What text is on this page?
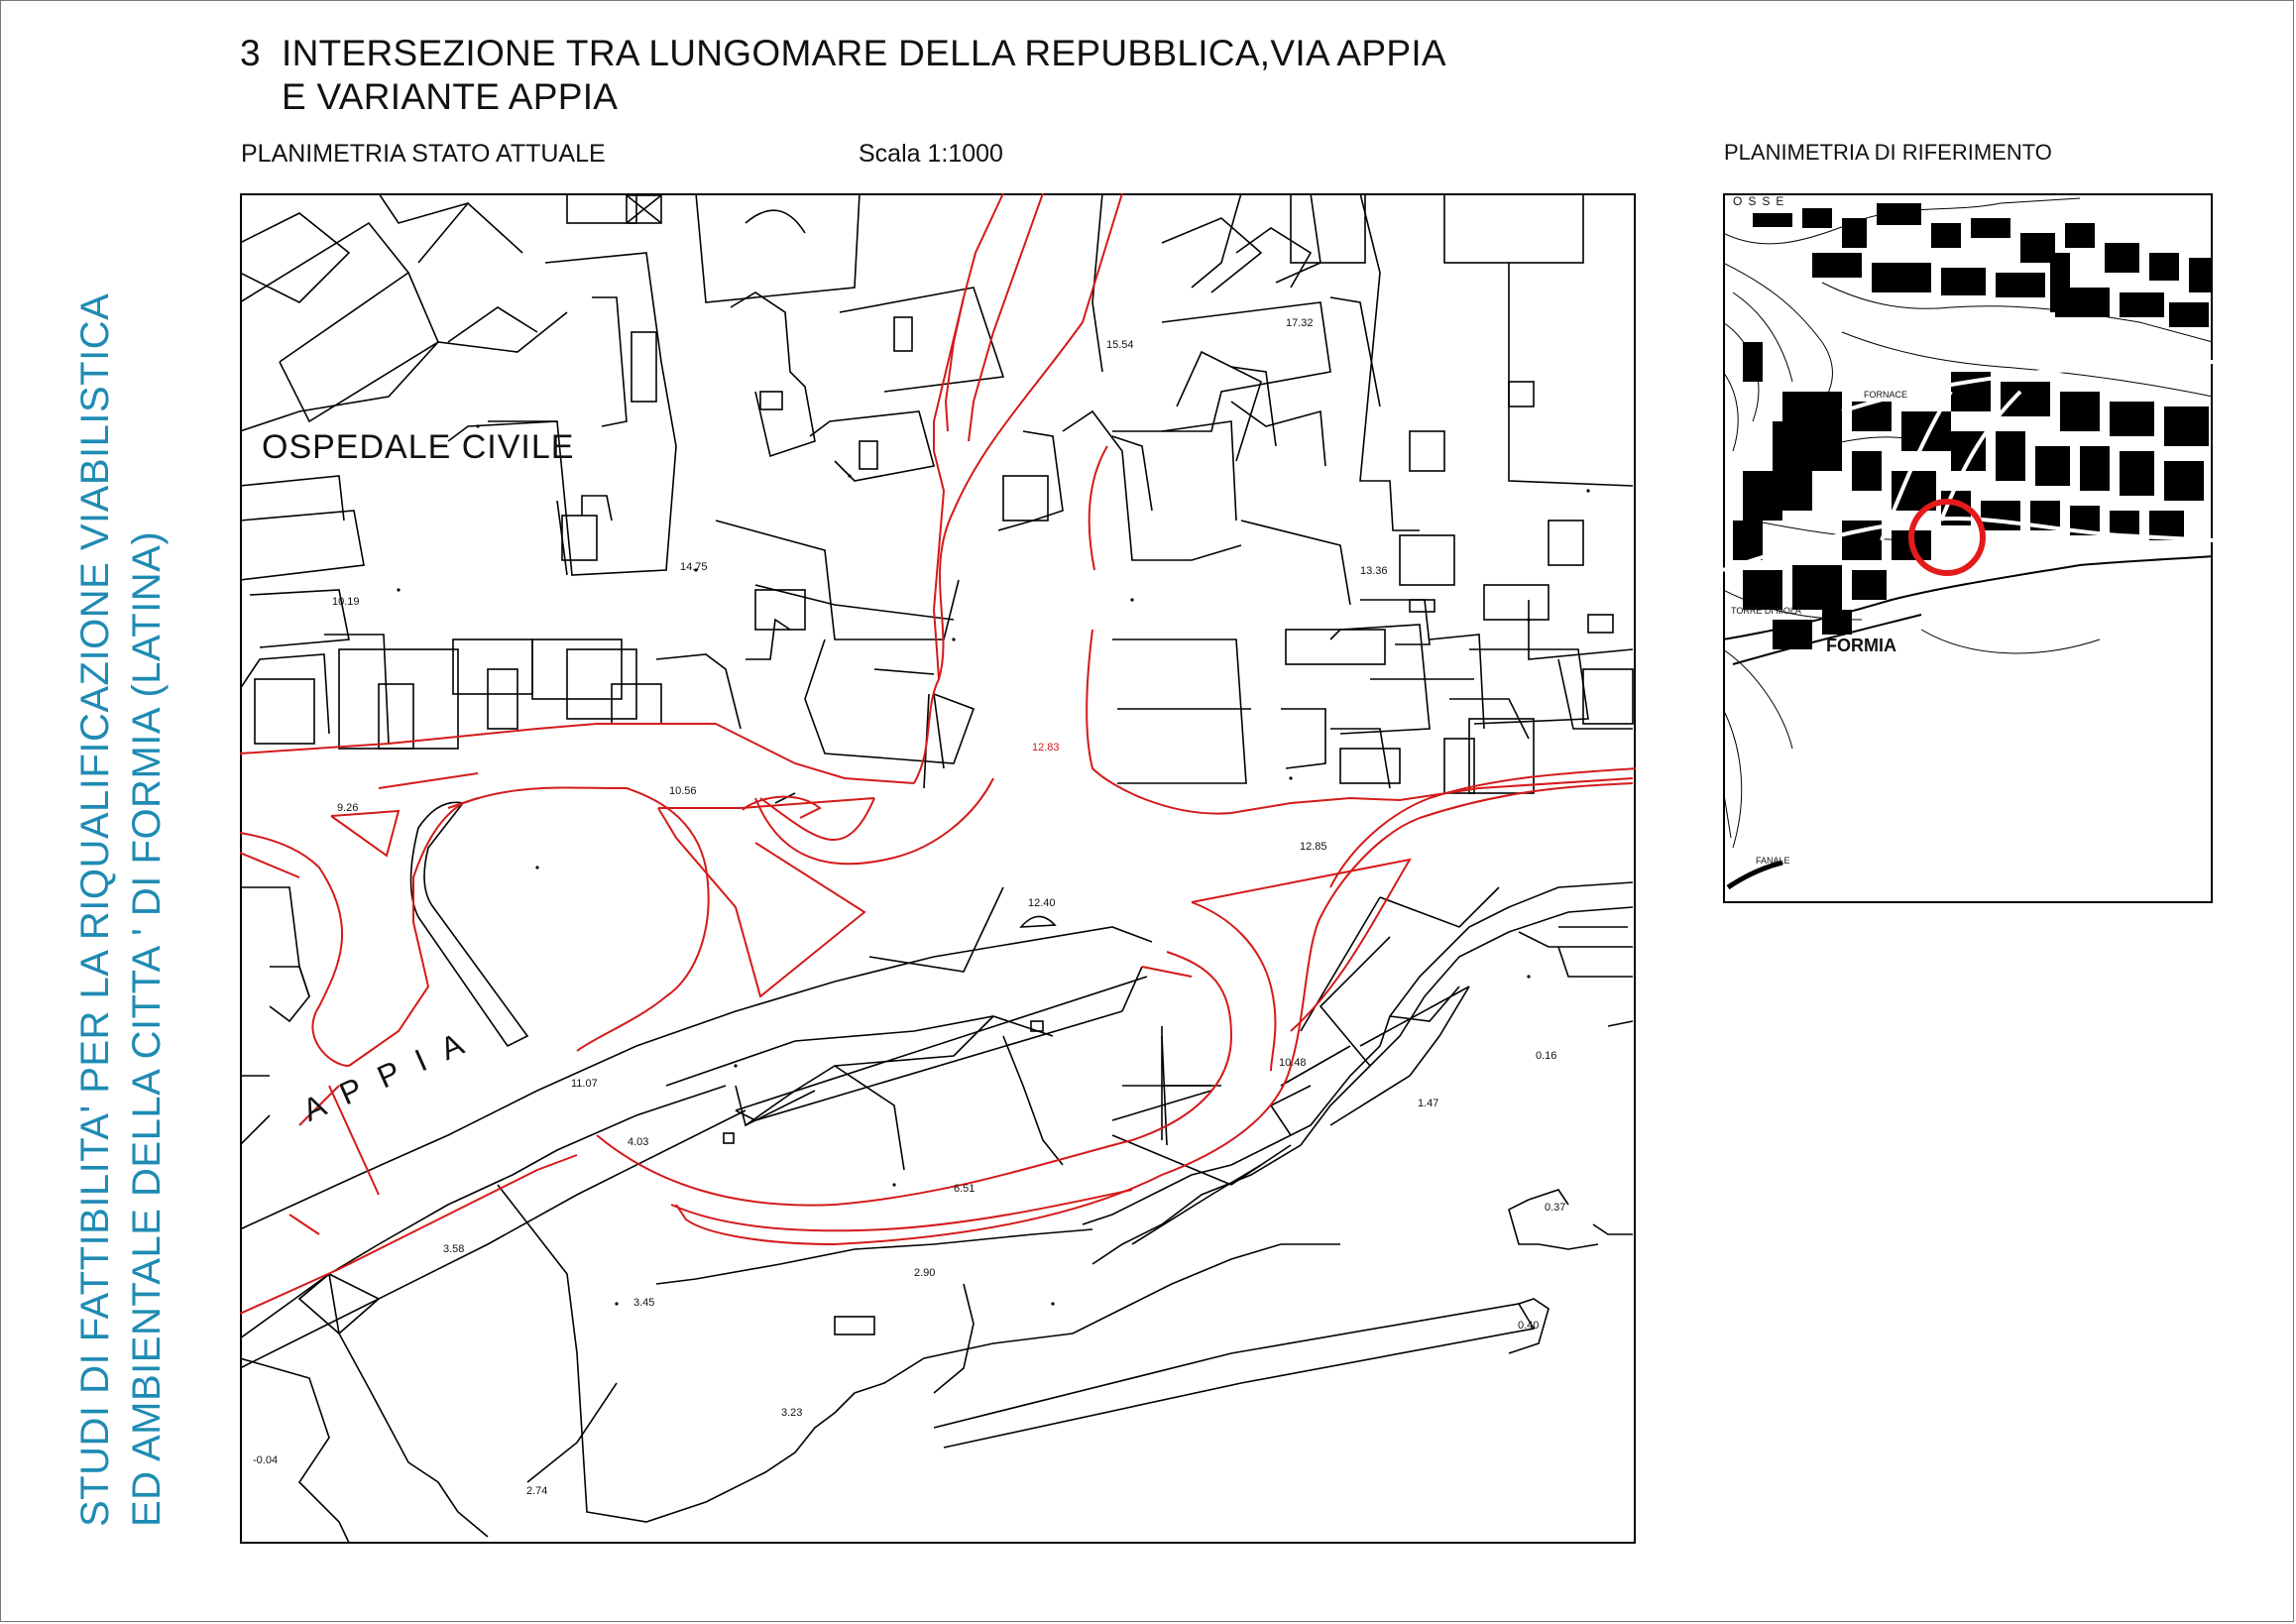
STUDI DI FATTIBILITA' PER LA RIQUALIFICAZIONE VIABILISTICA ED AMBIENTALE DELLA CITTA ' DI FORMIA (LATINA)
3 INTERSEZIONE TRA LUNGOMARE DELLA REPUBBLICA,VIA APPIA
E VARIANTE APPIA
PLANIMETRIA STATO ATTUALE	Scala 1:1000	PLANIMETRIA DI RIFERIMENTO
OSPEDALE CIVILE
A P P I A
17.32
15.54
14.75
10.19
13.36
12.83
10.56
9.26
12.85
12.40
10.48
0.16
11.07
1.47
4.03
6.51
0.37
3.58
2.90
3.45
0.40
3.23
-0.04
2.74
FORMIA
FORNACE
TORRE DI MOLA
FANALE
OSSE
